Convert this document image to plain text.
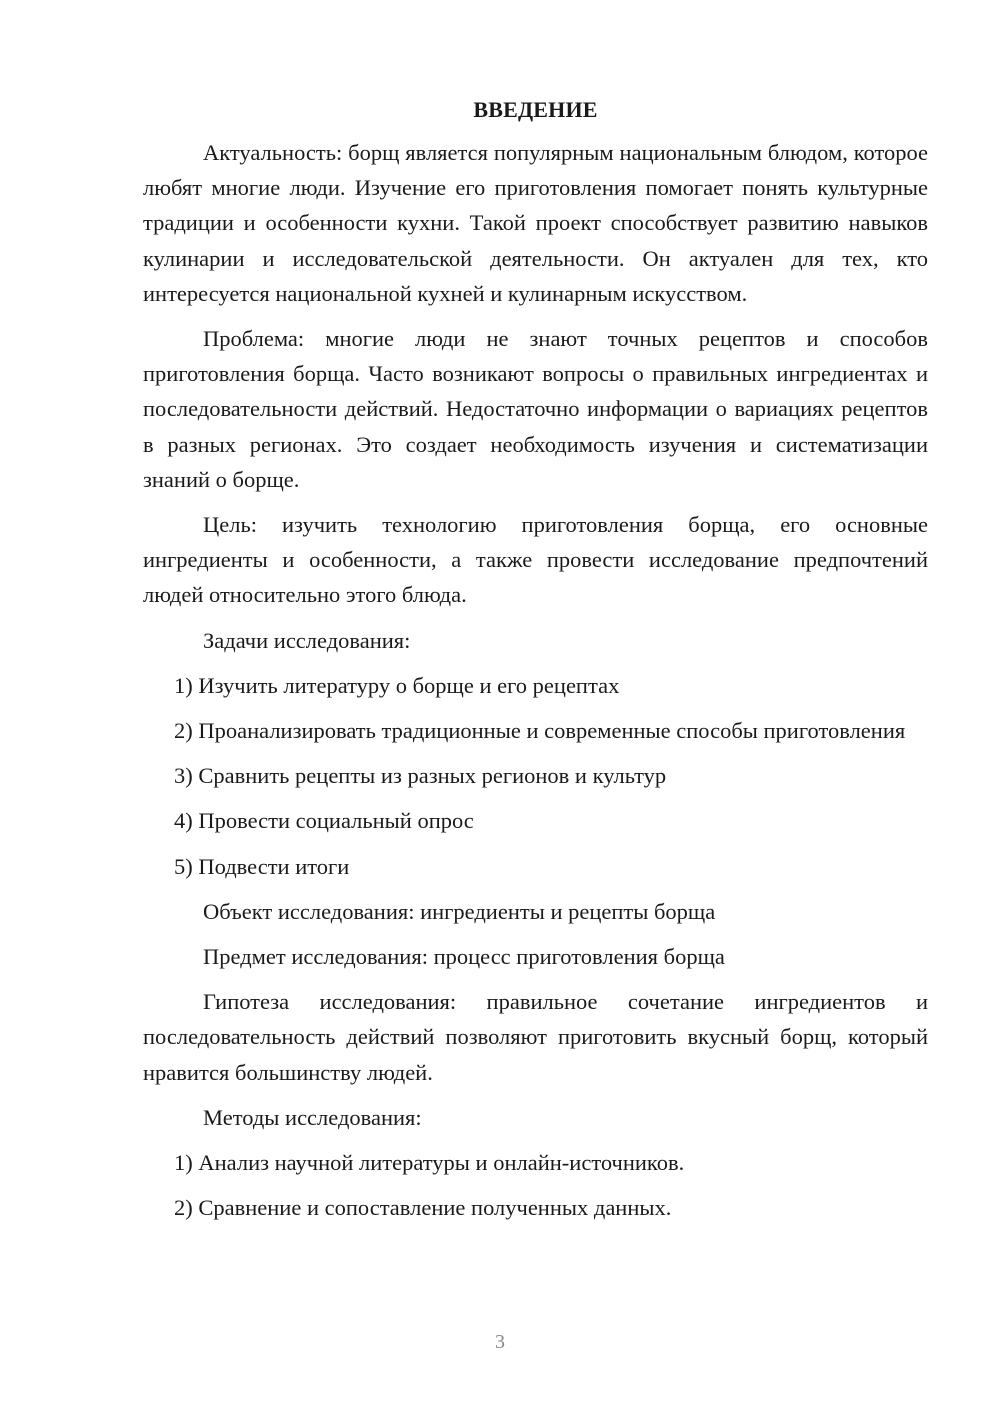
ВВЕДЕНИЕ
Актуальность: борщ является популярным национальным блюдом, которое любят многие люди. Изучение его приготовления помогает понять культурные традиции и особенности кухни. Такой проект способствует развитию навыков кулинарии и исследовательской деятельности. Он актуален для тех, кто интересуется национальной кухней и кулинарным искусством.
Проблема: многие люди не знают точных рецептов и способов приготовления борща. Часто возникают вопросы о правильных ингредиентах и последовательности действий. Недостаточно информации о вариациях рецептов в разных регионах. Это создает необходимость изучения и систематизации знаний о борще.
Цель: изучить технологию приготовления борща, его основные ингредиенты и особенности, а также провести исследование предпочтений людей относительно этого блюда.
Задачи исследования:
1) Изучить литературу о борще и его рецептах
2) Проанализировать традиционные и современные способы приготовления
3) Сравнить рецепты из разных регионов и культур
4) Провести социальный опрос
5) Подвести итоги
Объект исследования: ингредиенты и рецепты борща
Предмет исследования: процесс приготовления борща
Гипотеза исследования: правильное сочетание ингредиентов и последовательность действий позволяют приготовить вкусный борщ, который нравится большинству людей.
Методы исследования:
1) Анализ научной литературы и онлайн-источников.
2) Сравнение и сопоставление полученных данных.
3
